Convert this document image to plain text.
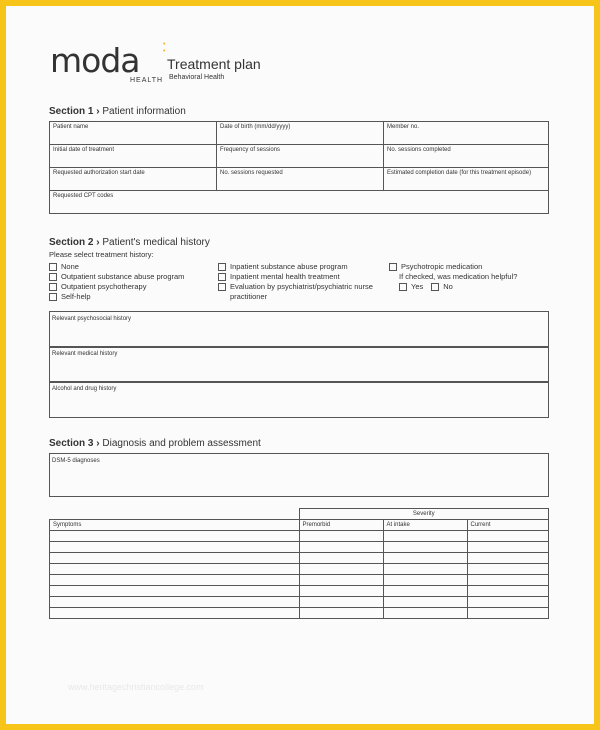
moda	• •
HEALTH
Treatment plan
Behavioral Health
Section 1 › Patient information
Patient name	Date of birth (mm/dd/yyyy)	Member no.
Initial date of treatment	Frequency of sessions	No. sessions completed
Requested authorization start date	No. sessions requested	Estimated completion date (for this treatment episode)
Requested CPT codes		
Section 2 › Patient's medical history
Please select treatment history:
None
Outpatient substance abuse program
Outpatient psychotherapy
Self-help
Inpatient substance abuse program
Inpatient mental health treatment
Evaluation by psychiatrist/psychiatric nurse practitioner
Psychotropic medication
If checked, was medication helpful?
Yes	No
Relevant psychosocial history
Relevant medical history
Alcohol and drug history
Section 3 › Diagnosis and problem assessment
DSM-5 diagnoses
	Severity		
Symptoms	Premorbid	At intake	Current

www.heritagechristiancollege.com
